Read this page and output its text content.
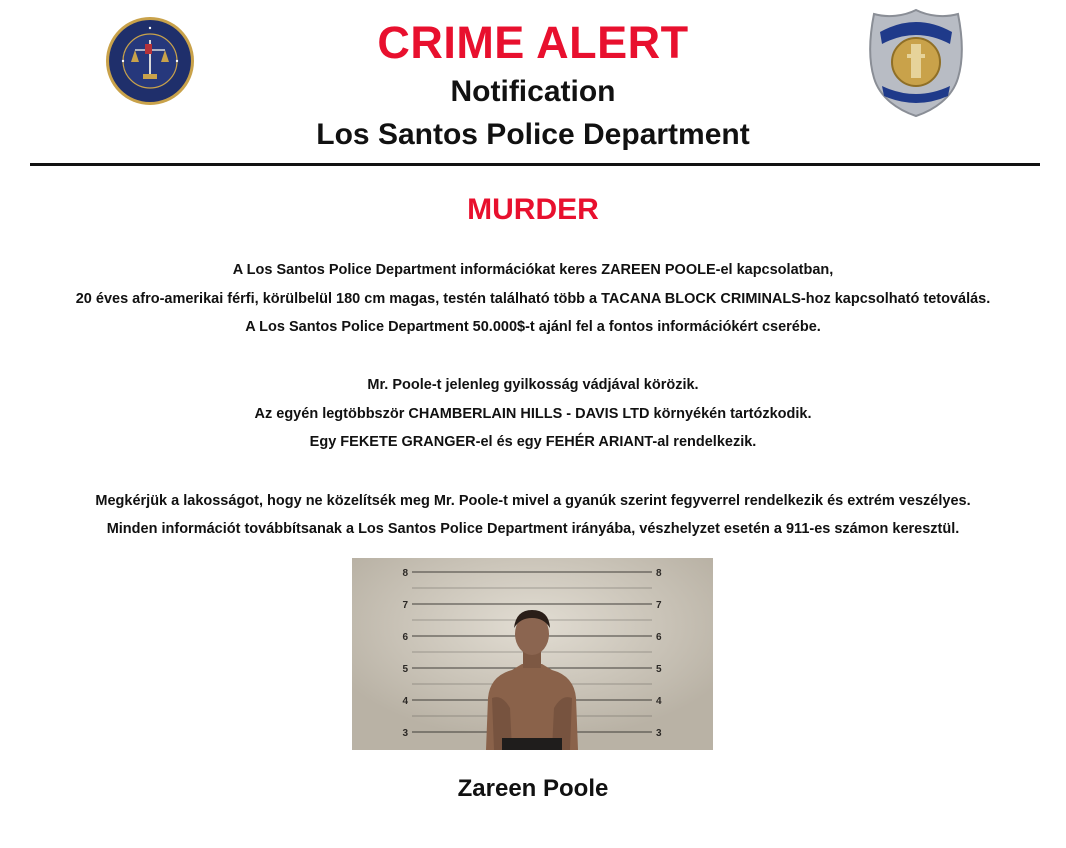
CRIME ALERT
Notification
Los Santos Police Department
MURDER
A Los Santos Police Department információkat keres ZAREEN POOLE-el kapcsolatban,
20 éves afro-amerikai férfi, körülbelül 180 cm magas, testén található több a TACANA BLOCK CRIMINALS-hoz kapcsolható tetoválás.
A Los Santos Police Department 50.000$-t ajánl fel a fontos információkért cserébe.
Mr. Poole-t jelenleg gyilkosság vádjával körözik.
Az egyén legtöbbször CHAMBERLAIN HILLS - DAVIS LTD környékén tartózkodik.
Egy FEKETE GRANGER-el és egy FEHÉR ARIANT-al rendelkezik.
Megkérjük a lakosságot, hogy ne közelítsék meg Mr. Poole-t mivel a gyanúk szerint fegyverrel rendelkezik és extrém veszélyes.
Minden információt továbbítsanak a Los Santos Police Department irányába, vészhelyzet esetén a 911-es számon keresztül.
8
7
6
5
4
3
8
7
6
5
4
3
Zareen Poole
